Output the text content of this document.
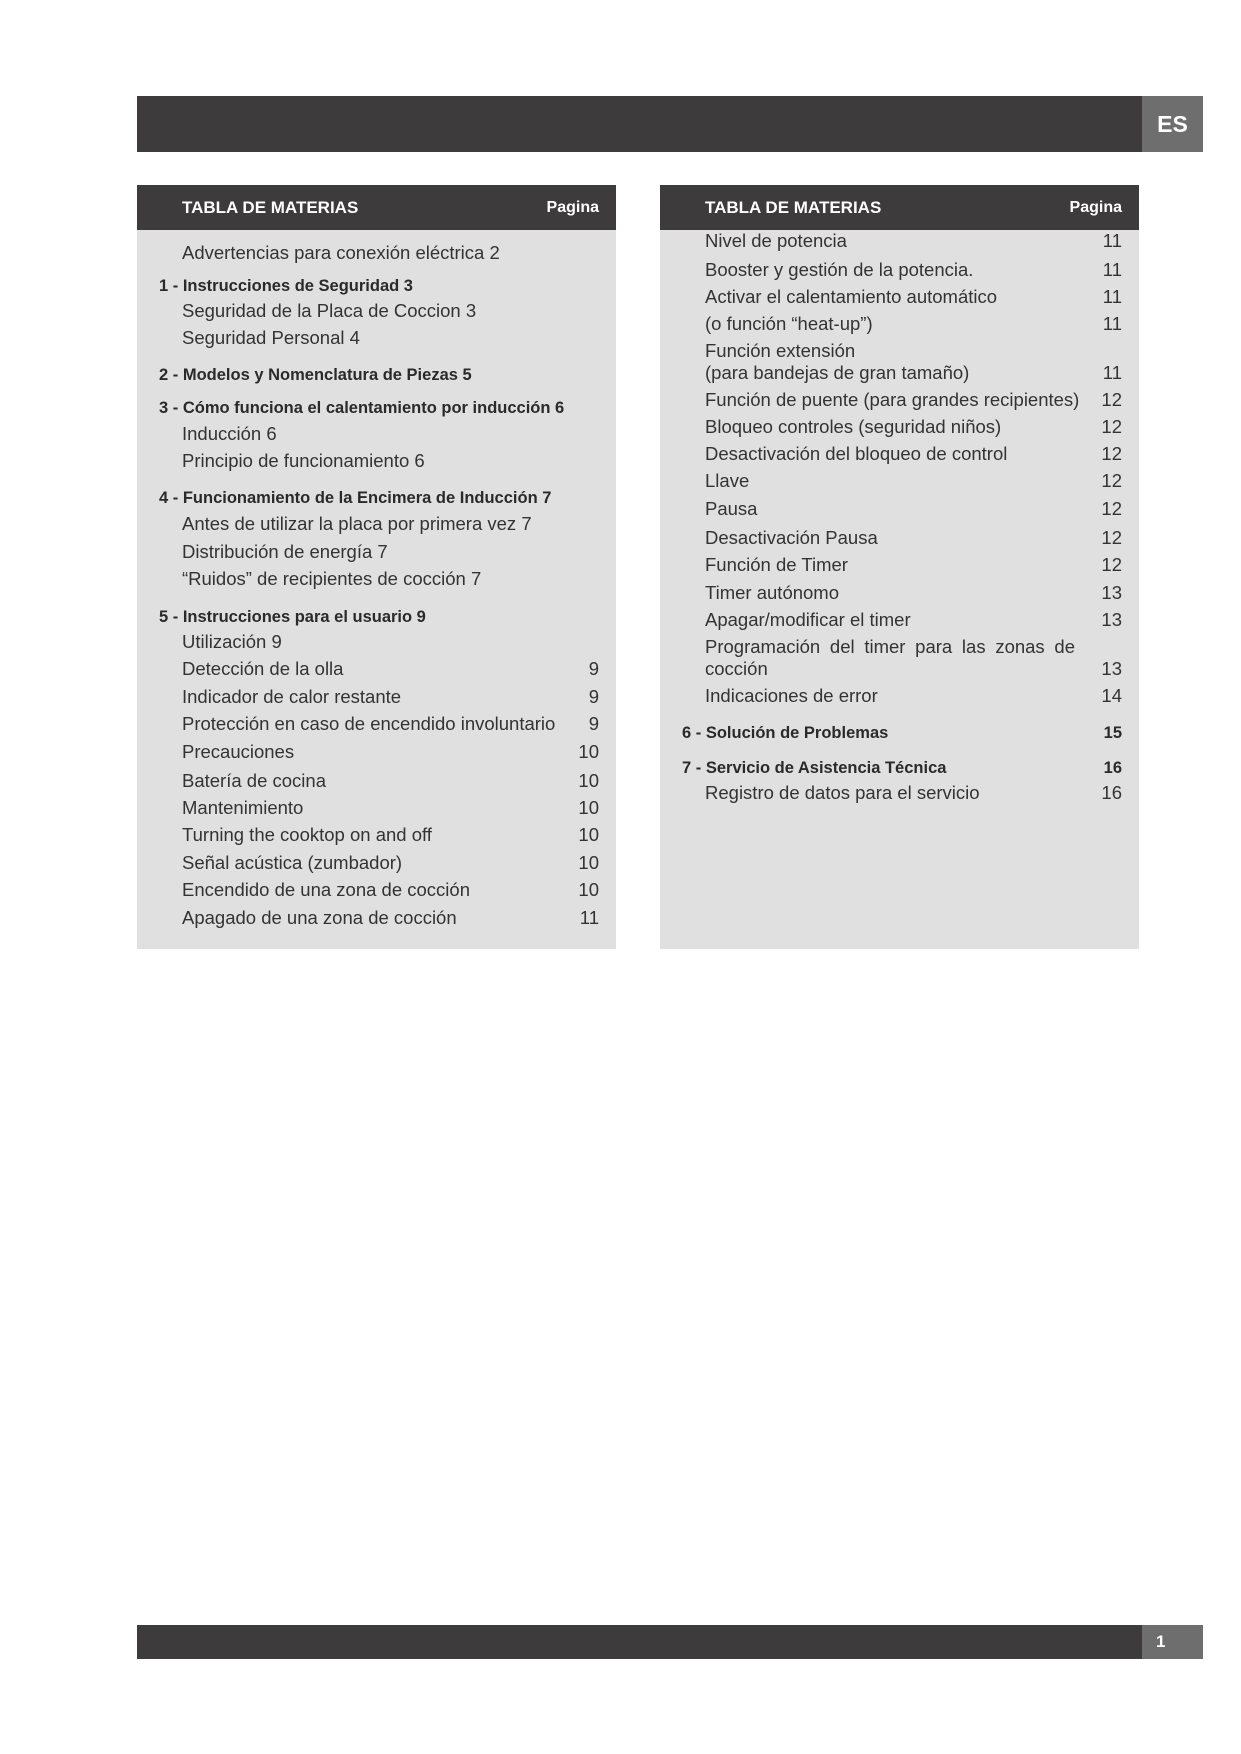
ES
TABLA DE MATERIAS	Pagina
Advertencias para conexión eléctrica 2
1 - Instrucciones de Seguridad 3
Seguridad de la Placa de Coccion 3
Seguridad Personal 4
2 - Modelos y Nomenclatura de Piezas 5
3 - Cómo funciona el calentamiento por inducción 6
Inducción 6
Principio de funcionamiento 6
4 - Funcionamiento de la Encimera de Inducción 7
Antes de utilizar la placa por primera vez 7
Distribución de energía 7
“Ruidos” de recipientes de cocción 7
5 - Instrucciones para el usuario 9
Utilización 9
Detección de la olla	9
Indicador de calor restante	9
Protección en caso de encendido involuntario	9
Precauciones	10
Batería de cocina	10
Mantenimiento	10
Turning the cooktop on and off	10
Señal acústica (zumbador)	10
Encendido de una zona de cocción	10
Apagado de una zona de cocción	11
TABLA DE MATERIAS	Pagina
Nivel de potencia	11
Booster y gestión de la potencia.	11
Activar el calentamiento automático	11
(o función “heat-up”)	11
Función extensión
(para bandejas de gran tamaño)	11
Función de puente (para grandes recipientes)	12
Bloqueo controles (seguridad niños)	12
Desactivación del bloqueo de control	12
Llave	12
Pausa	12
Desactivación Pausa	12
Función de Timer	12
Timer autónomo	13
Apagar/modificar el timer	13
Programación del timer para las zonas de cocción	13
Indicaciones de error	14
6 - Solución de Problemas	15
7 - Servicio de Asistencia Técnica	16
Registro de datos para el servicio	16
1
